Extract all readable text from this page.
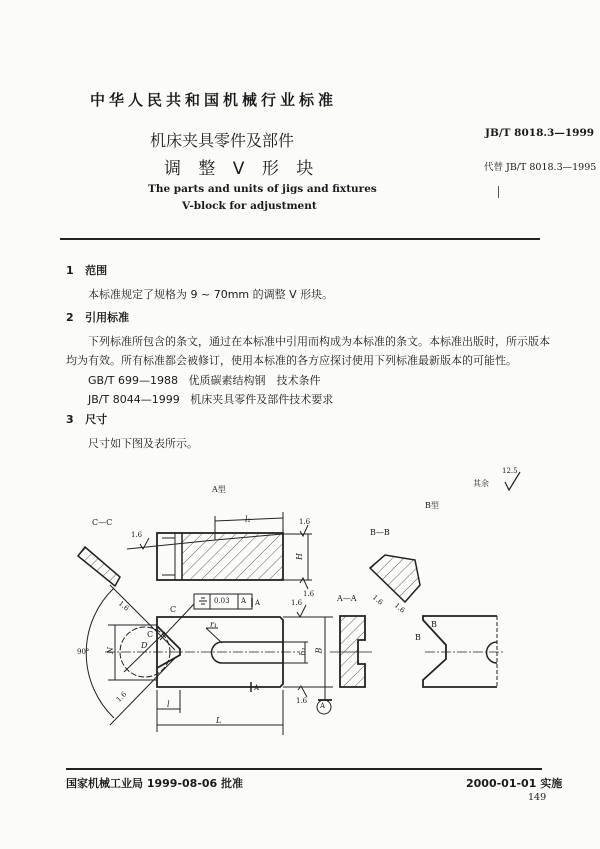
中华人民共和国机械行业标准
机床夹具零件及部件
调 整 V 形 块
The parts and units of jigs and fixtures
V-block for adjustment
JB/T 8018.3—1999
代替 JB/T 8018.3—1995
1 范围
本标准规定了规格为 9 ~ 70mm 的调整 V 形块。
2 引用标准
下列标准所包含的条文，通过在本标准中引用而构成为本标准的条文。本标准出版时，所示版本
均为有效。所有标准都会被修订，使用本标准的各方应探讨使用下列标准最新版本的可能性。
GB/T 699—1988 优质碳素结构钢　技术条件
JB/T 8044—1999 机床夹具零件及部件技术要求
3 尺寸
尺寸如下图及表所示。
A型
其余
12.5
B型
C—C
B—B
A—A
1.6
1.6
1.6
1.6
1.6
1.6
1.6
1.6
1.6
0.03 A A
A
A
l₁
H
N
D
r₁
h₁ B
l
L
C
C
B
B
90°
国家机械工业局 1999-08-06 批准	2000-01-01 实施
149
